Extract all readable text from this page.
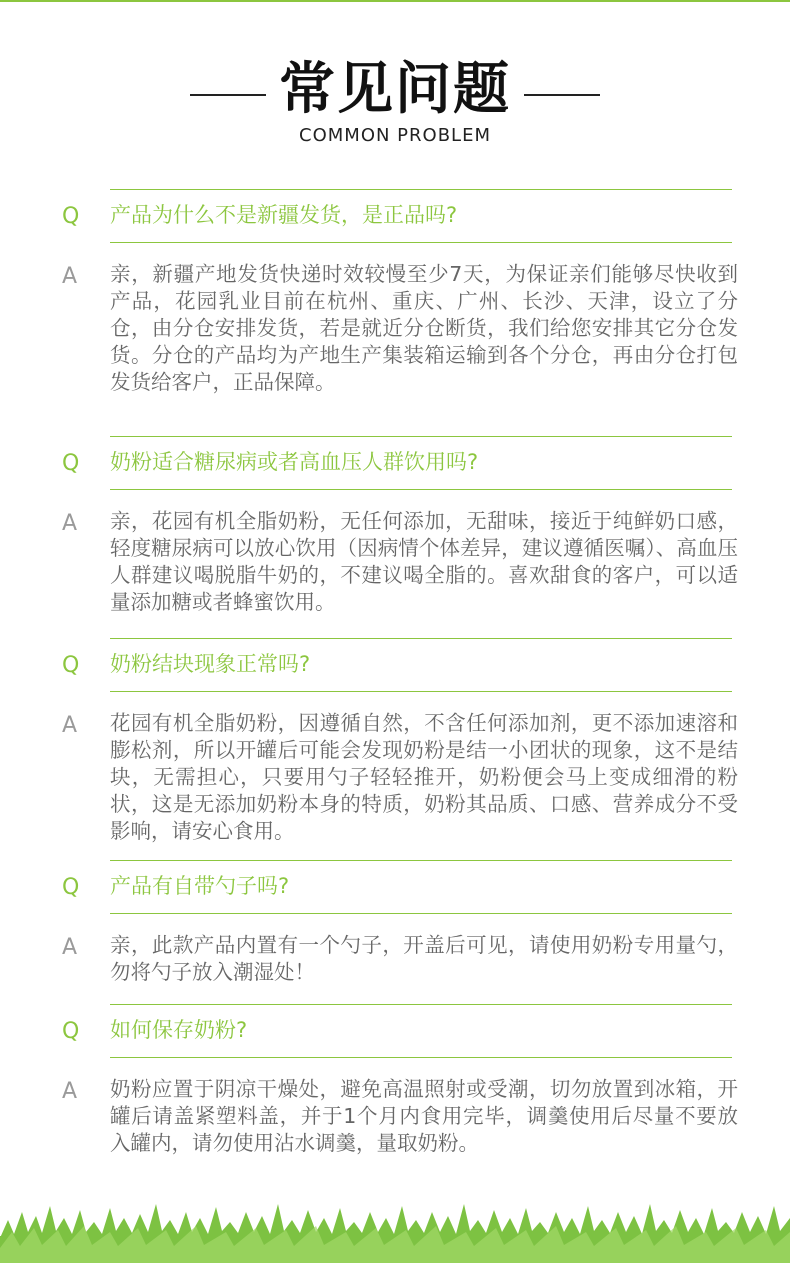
常见问题
COMMON PROBLEM
Q	产品为什么不是新疆发货，是正品吗?
A	亲，新疆产地发货快递时效较慢至少7天，为保证亲们能够尽快收到产品，花园乳业目前在杭州、重庆、广州、长沙、天津，设立了分仓，由分仓安排发货，若是就近分仓断货，我们给您安排其它分仓发货。分仓的产品均为产地生产集装箱运输到各个分仓，再由分仓打包发货给客户，正品保障。
Q	奶粉适合糖尿病或者高血压人群饮用吗?
A	亲，花园有机全脂奶粉，无任何添加，无甜味，接近于纯鲜奶口感，轻度糖尿病可以放心饮用（因病情个体差异，建议遵循医嘱）、高血压人群建议喝脱脂牛奶的，不建议喝全脂的。喜欢甜食的客户，可以适量添加糖或者蜂蜜饮用。
Q	奶粉结块现象正常吗?
A	花园有机全脂奶粉，因遵循自然，不含任何添加剂，更不添加速溶和膨松剂，所以开罐后可能会发现奶粉是结一小团状的现象，这不是结块，无需担心，只要用勺子轻轻推开，奶粉便会马上变成细滑的粉状，这是无添加奶粉本身的特质，奶粉其品质、口感、营养成分不受影响，请安心食用。
Q	产品有自带勺子吗?
A	亲，此款产品内置有一个勺子，开盖后可见，请使用奶粉专用量勺，勿将勺子放入潮湿处！
Q	如何保存奶粉?
A	奶粉应置于阴凉干燥处，避免高温照射或受潮，切勿放置到冰箱，开罐后请盖紧塑料盖，并于1个月内食用完毕，调羹使用后尽量不要放入罐内，请勿使用沾水调羹，量取奶粉。
